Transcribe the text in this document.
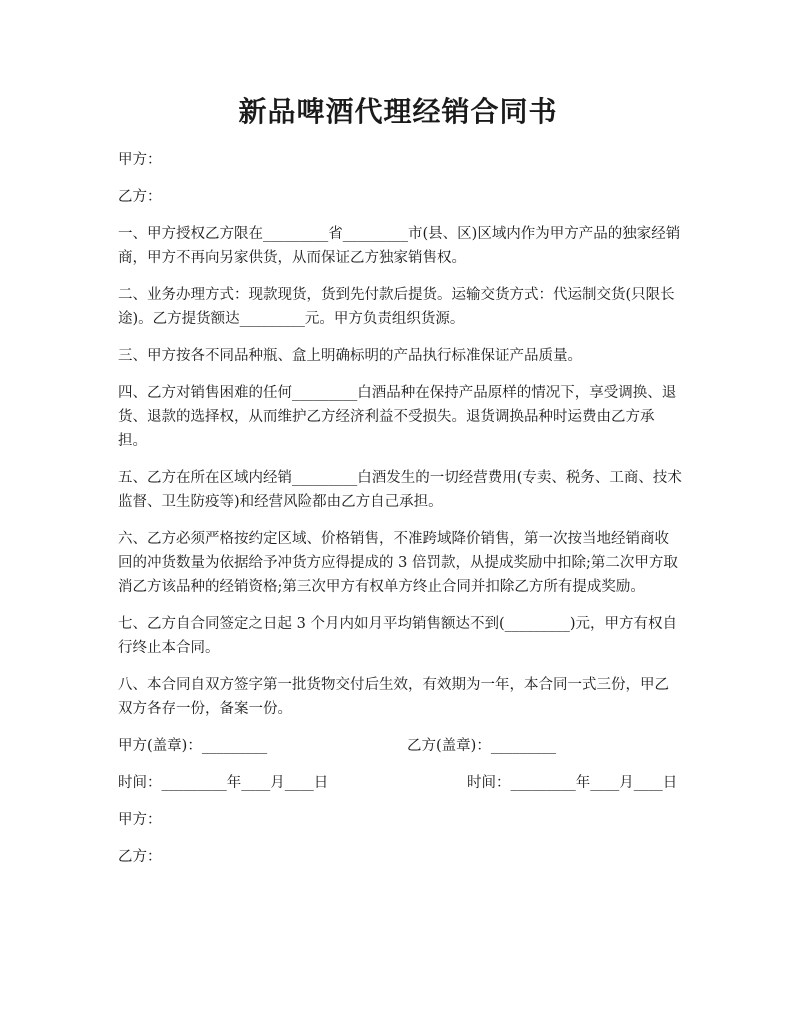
新品啤酒代理经销合同书

甲方：

乙方：

一、甲方授权乙方限在_________省_________市(县、区)区域内作为甲方产品的独家经销商，甲方不再向另家供货，从而保证乙方独家销售权。

二、业务办理方式：现款现货，货到先付款后提货。运输交货方式：代运制交货(只限长途)。乙方提货额达_________元。甲方负责组织货源。

三、甲方按各不同品种瓶、盒上明确标明的产品执行标准保证产品质量。

四、乙方对销售困难的任何_________白酒品种在保持产品原样的情况下，享受调换、退货、退款的选择权，从而维护乙方经济利益不受损失。退货调换品种时运费由乙方承担。

五、乙方在所在区域内经销_________白酒发生的一切经营费用(专卖、税务、工商、技术监督、卫生防疫等)和经营风险都由乙方自己承担。

六、乙方必须严格按约定区域、价格销售，不准跨域降价销售，第一次按当地经销商收回的冲货数量为依据给予冲货方应得提成的 3 倍罚款，从提成奖励中扣除;第二次甲方取消乙方该品种的经销资格;第三次甲方有权单方终止合同并扣除乙方所有提成奖励。

七、乙方自合同签定之日起 3 个月内如月平均销售额达不到(_________)元，甲方有权自行终止本合同。

八、本合同自双方签字第一批货物交付后生效，有效期为一年，本合同一式三份，甲乙双方各存一份，备案一份。

甲方(盖章)：_________	乙方(盖章)：_________
时间：_________年____月____日	时间：_________年____月____日

甲方：

乙方：
